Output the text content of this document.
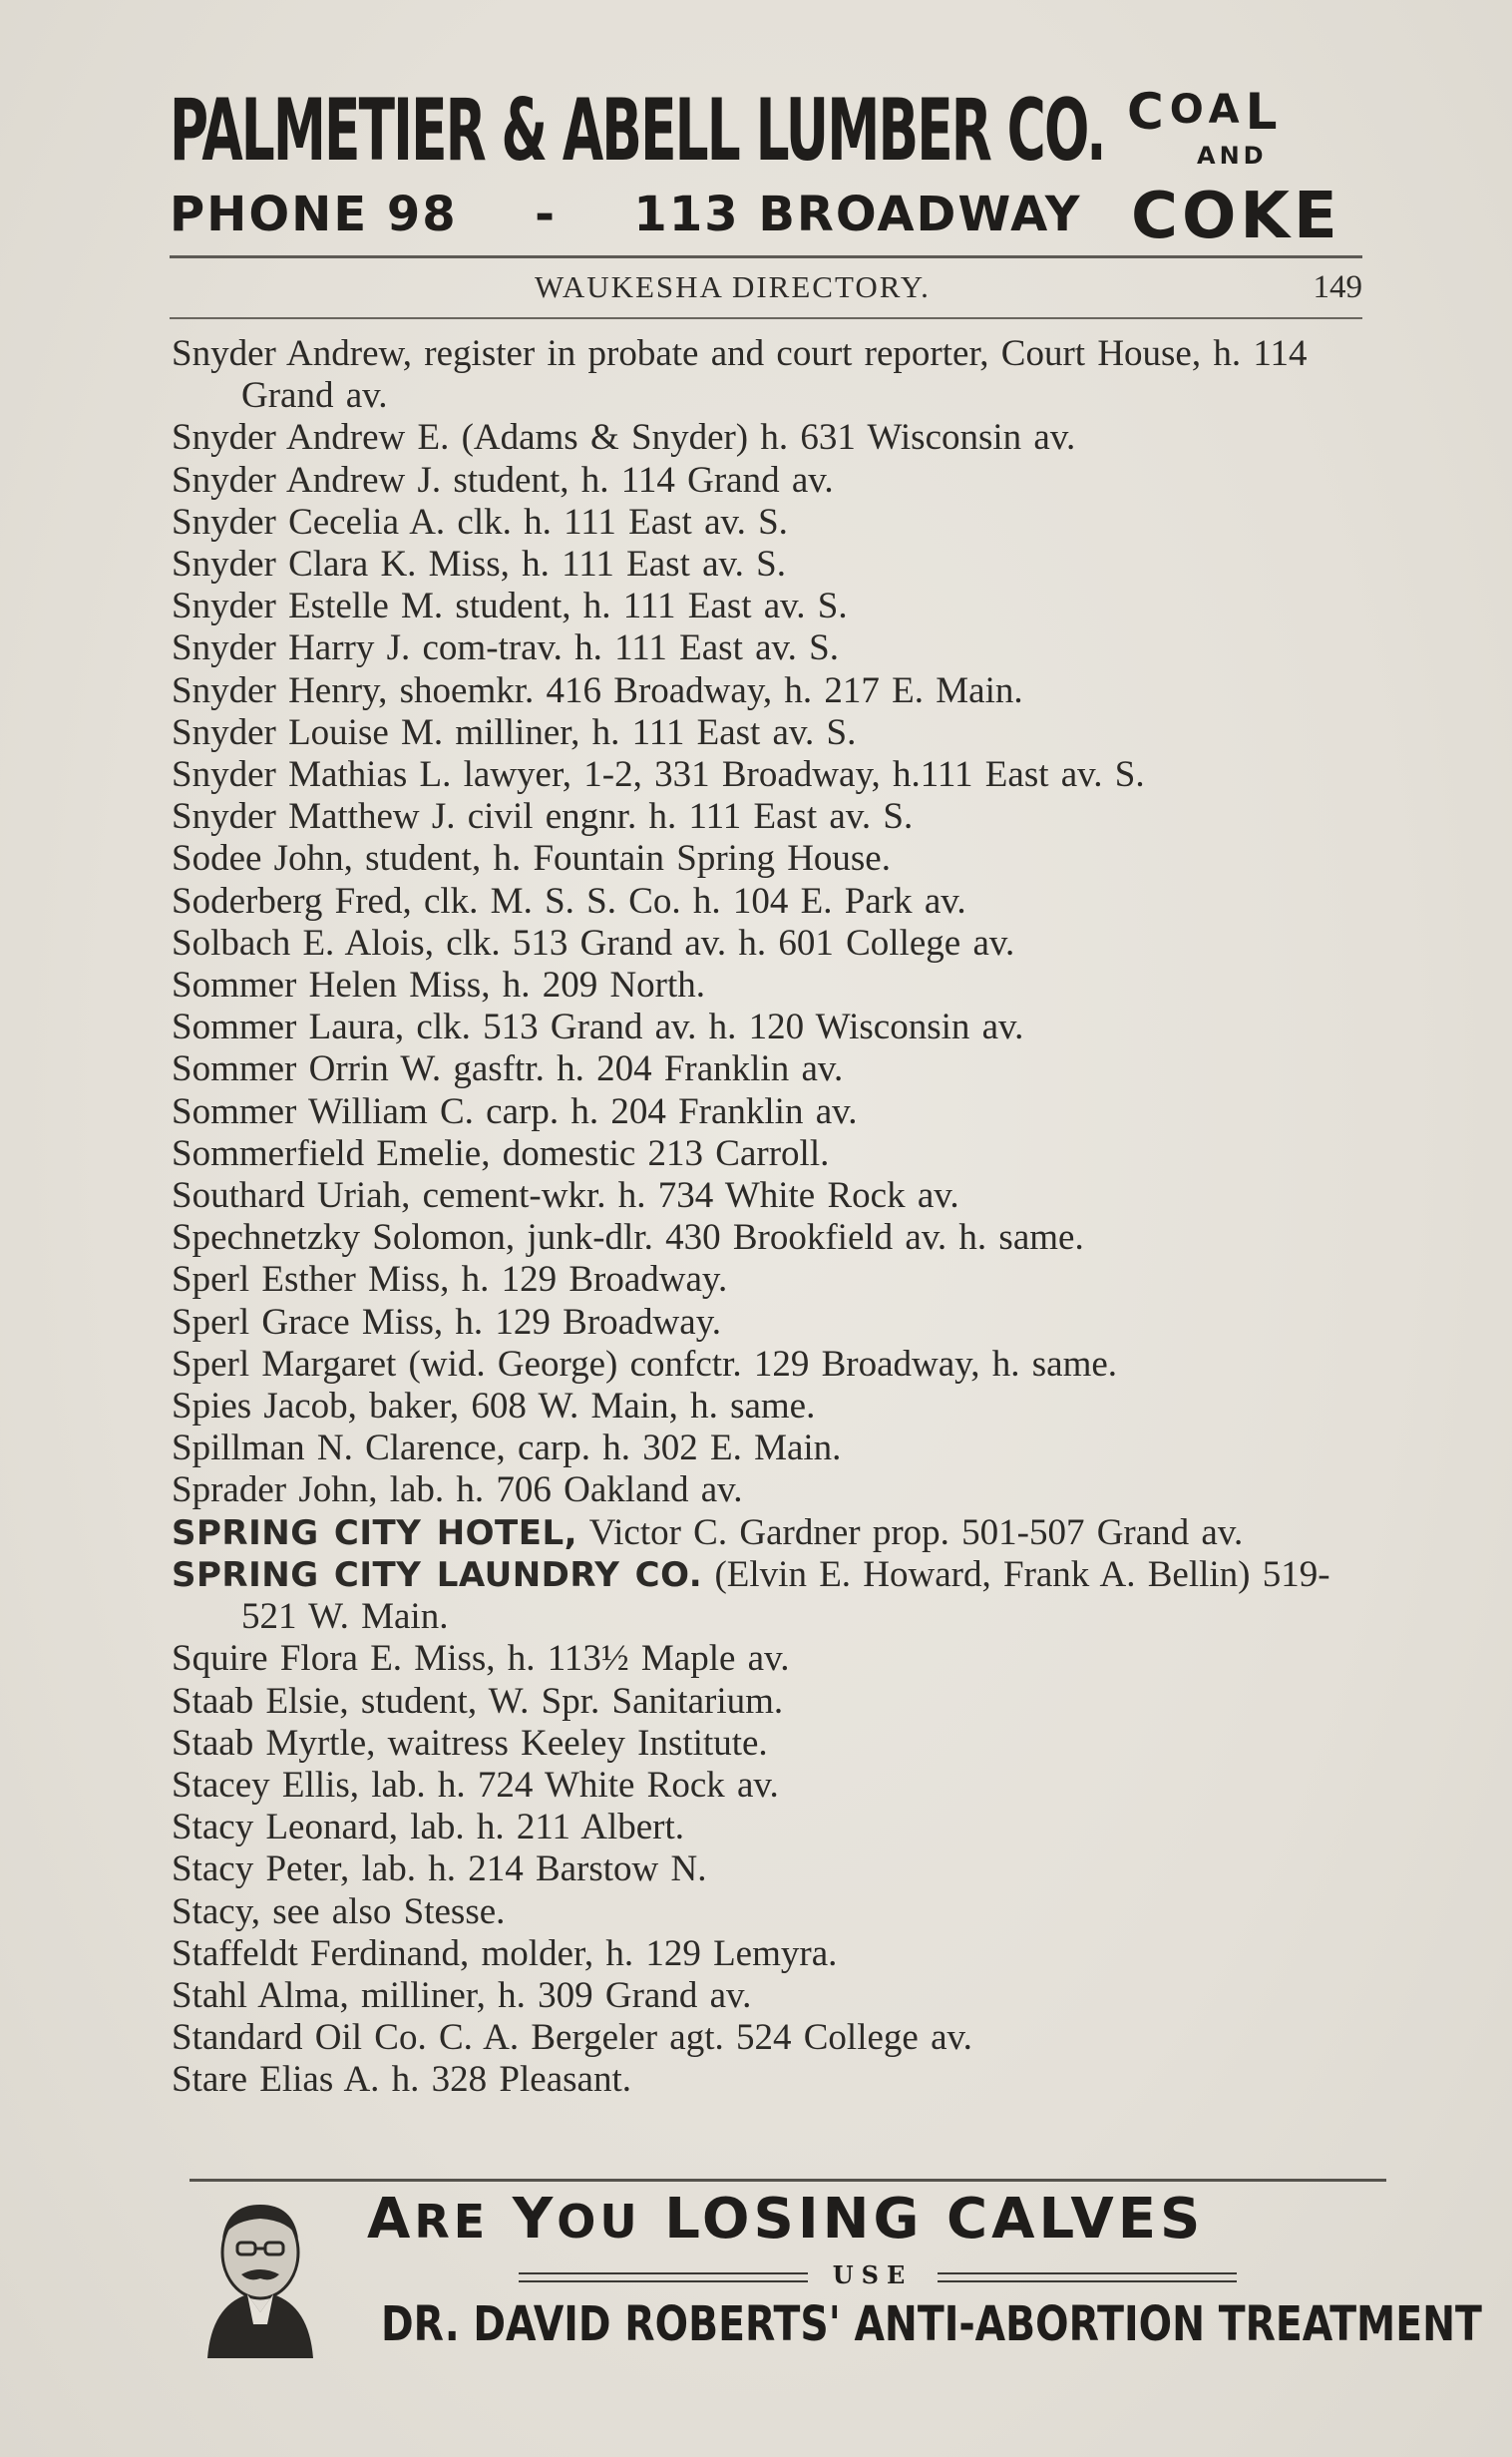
PALMETIER & ABELL LUMBER CO.
PHONE 98 - 113 BROADWAY
COAL
AND
COKE
WAUKESHA DIRECTORY.	149
Snyder Andrew, register in probate and court reporter, Court House, h. 114 Grand av.
Snyder Andrew E. (Adams & Snyder) h. 631 Wisconsin av.
Snyder Andrew J. student, h. 114 Grand av.
Snyder Cecelia A. clk. h. 111 East av. S.
Snyder Clara K. Miss, h. 111 East av. S.
Snyder Estelle M. student, h. 111 East av. S.
Snyder Harry J. com-trav. h. 111 East av. S.
Snyder Henry, shoemkr. 416 Broadway, h. 217 E. Main.
Snyder Louise M. milliner, h. 111 East av. S.
Snyder Mathias L. lawyer, 1-2, 331 Broadway, h.111 East av. S.
Snyder Matthew J. civil engnr. h. 111 East av. S.
Sodee John, student, h. Fountain Spring House.
Soderberg Fred, clk. M. S. S. Co. h. 104 E. Park av.
Solbach E. Alois, clk. 513 Grand av. h. 601 College av.
Sommer Helen Miss, h. 209 North.
Sommer Laura, clk. 513 Grand av. h. 120 Wisconsin av.
Sommer Orrin W. gasftr. h. 204 Franklin av.
Sommer William C. carp. h. 204 Franklin av.
Sommerfield Emelie, domestic 213 Carroll.
Southard Uriah, cement-wkr. h. 734 White Rock av.
Spechnetzky Solomon, junk-dlr. 430 Brookfield av. h. same.
Sperl Esther Miss, h. 129 Broadway.
Sperl Grace Miss, h. 129 Broadway.
Sperl Margaret (wid. George) confctr. 129 Broadway, h. same.
Spies Jacob, baker, 608 W. Main, h. same.
Spillman N. Clarence, carp. h. 302 E. Main.
Sprader John, lab. h. 706 Oakland av.
SPRING CITY HOTEL, Victor C. Gardner prop. 501-507 Grand av.
SPRING CITY LAUNDRY CO. (Elvin E. Howard, Frank A. Bellin) 519-521 W. Main.
Squire Flora E. Miss, h. 113½ Maple av.
Staab Elsie, student, W. Spr. Sanitarium.
Staab Myrtle, waitress Keeley Institute.
Stacey Ellis, lab. h. 724 White Rock av.
Stacy Leonard, lab. h. 211 Albert.
Stacy Peter, lab. h. 214 Barstow N.
Stacy, see also Stesse.
Staffeldt Ferdinand, molder, h. 129 Lemyra.
Stahl Alma, milliner, h. 309 Grand av.
Standard Oil Co. C. A. Bergeler agt. 524 College av.
Stare Elias A. h. 328 Pleasant.
ARE YOU LOSING CALVES
USE
DR. DAVID ROBERTS' ANTI-ABORTION TREATMENT
